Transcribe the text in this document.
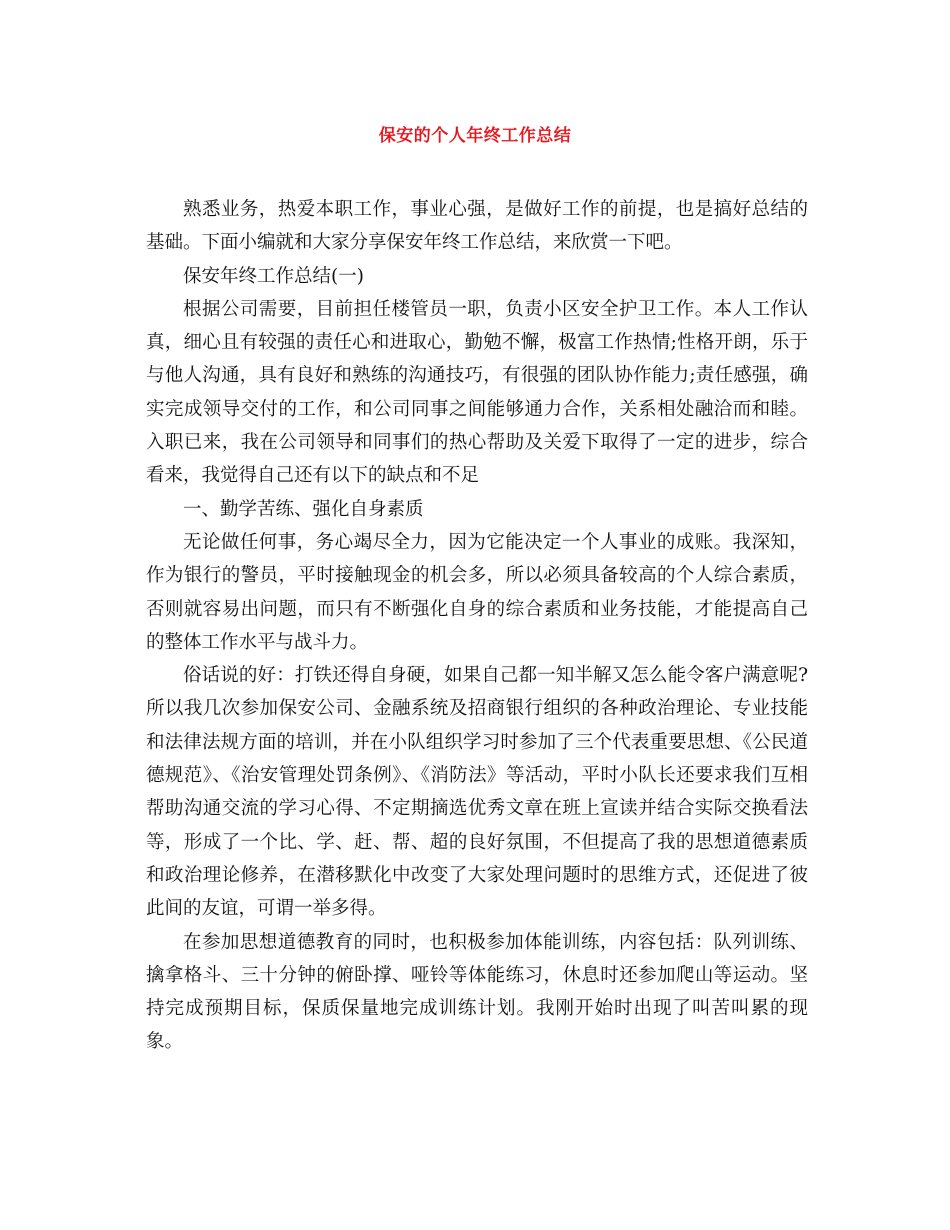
保安的个人年终工作总结

熟悉业务，热爱本职工作，事业心强，是做好工作的前提，也是搞好总结的基础。下面小编就和大家分享保安年终工作总结，来欣赏一下吧。

保安年终工作总结(一)

根据公司需要，目前担任楼管员一职，负责小区安全护卫工作。本人工作认真，细心且有较强的责任心和进取心，勤勉不懈，极富工作热情;性格开朗，乐于与他人沟通，具有良好和熟练的沟通技巧，有很强的团队协作能力;责任感强，确实完成领导交付的工作，和公司同事之间能够通力合作，关系相处融洽而和睦。入职已来，我在公司领导和同事们的热心帮助及关爱下取得了一定的进步，综合看来，我觉得自己还有以下的缺点和不足

一、勤学苦练、强化自身素质

无论做任何事，务心竭尽全力，因为它能决定一个人事业的成账。我深知，作为银行的警员，平时接触现金的机会多，所以必须具备较高的个人综合素质，否则就容易出问题，而只有不断强化自身的综合素质和业务技能，才能提高自己的整体工作水平与战斗力。

俗话说的好：打铁还得自身硬，如果自己都一知半解又怎么能令客户满意呢?所以我几次参加保安公司、金融系统及招商银行组织的各种政治理论、专业技能和法律法规方面的培训，并在小队组织学习时参加了三个代表重要思想、《公民道德规范》、《治安管理处罚条例》、《消防法》等活动，平时小队长还要求我们互相帮助沟通交流的学习心得、不定期摘选优秀文章在班上宣读并结合实际交换看法等，形成了一个比、学、赶、帮、超的良好氛围，不但提高了我的思想道德素质和政治理论修养，在潜移默化中改变了大家处理问题时的思维方式，还促进了彼此间的友谊，可谓一举多得。

在参加思想道德教育的同时，也积极参加体能训练，内容包括：队列训练、擒拿格斗、三十分钟的俯卧撑、哑铃等体能练习，休息时还参加爬山等运动。坚持完成预期目标，保质保量地完成训练计划。我刚开始时出现了叫苦叫累的现象。
